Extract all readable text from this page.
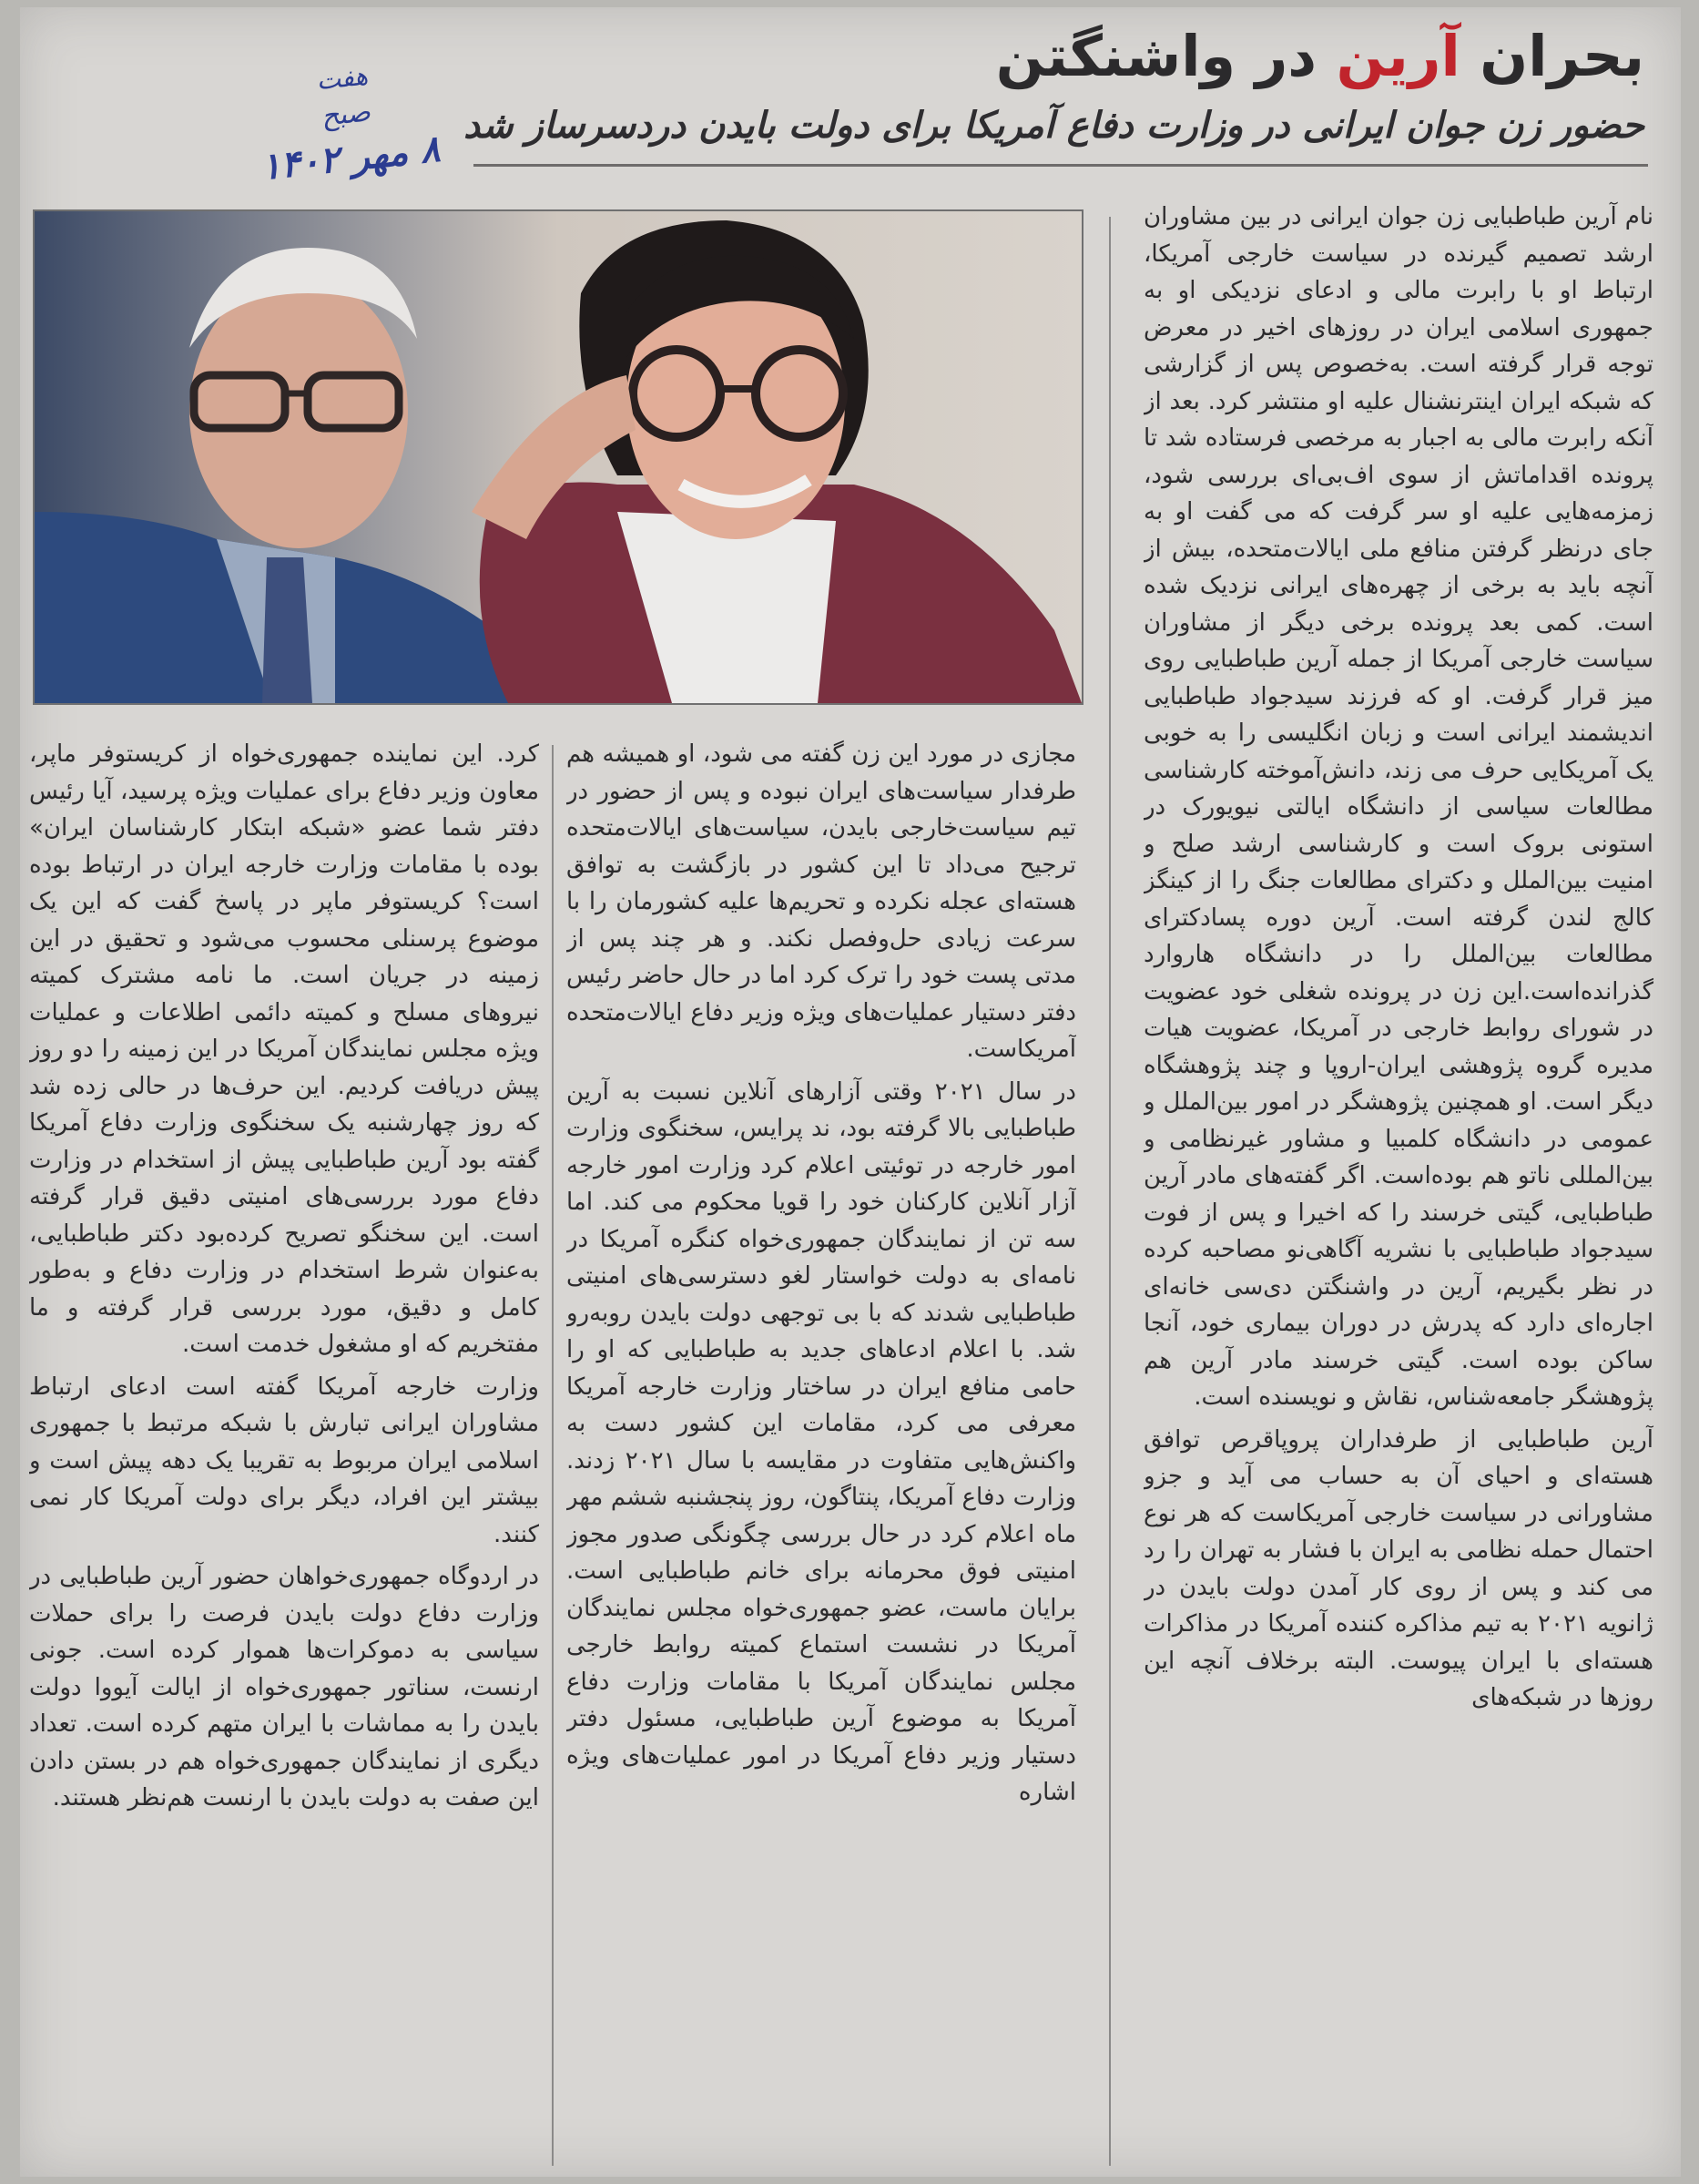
بحران آرین در واشنگتن
حضور زن جوان ایرانی در وزارت دفاع آمریکا برای دولت بایدن دردسرساز شد
هفت
صبح
۸ مهر ۱۴۰۲

نام آرین طباطبایی زن جوان ایرانی در بین مشاوران ارشد تصمیم گیرنده در سیاست خارجی آمریکا، ارتباط او با رابرت مالی و ادعای نزدیکی او به جمهوری اسلامی ایران در روزهای اخیر در معرض توجه قرار گرفته است. به‌خصوص پس از گزارشی که شبکه ایران اینترنشنال علیه او منتشر کرد. بعد از آنکه رابرت مالی به اجبار به مرخصی فرستاده شد تا پرونده اقداماتش از سوی اف‌بی‌ای بررسی شود، زمزمه‌هایی علیه او سر گرفت که می گفت او به جای درنظر گرفتن منافع ملی ایالات‌متحده، بیش از آنچه باید به برخی از چهره‌های ایرانی نزدیک شده است. کمی بعد پرونده برخی دیگر از مشاوران سیاست خارجی آمریکا از جمله آرین طباطبایی روی میز قرار گرفت. او که فرزند سیدجواد طباطبایی اندیشمند ایرانی است و زبان انگلیسی را به خوبی یک آمریکایی حرف می زند، دانش‌آموخته کارشناسی مطالعات سیاسی از دانشگاه ایالتی نیویورک در استونی بروک است و کارشناسی ارشد صلح و امنیت بین‌الملل و دکترای مطالعات جنگ را از کینگز کالج لندن گرفته است. آرین دوره پسادکترای مطالعات بین‌الملل را در دانشگاه هاروارد گذرانده‌است.این زن در پرونده شغلی خود عضویت در شورای روابط خارجی در آمریکا، عضویت هیات مدیره گروه پژوهشی ایران-اروپا و چند پژوهشگاه دیگر است. او همچنین پژوهشگر در امور بین‌الملل و عمومی در دانشگاه کلمبیا و مشاور غیرنظامی و بین‌المللی ناتو هم بوده‌است. اگر گفته‌های مادر آرین طباطبایی، گیتی خرسند را که اخیرا و پس از فوت سیدجواد طباطبایی با نشریه آگاهی‌نو مصاحبه کرده در نظر بگیریم، آرین در واشنگتن دی‌سی خانه‌ای اجاره‌ای دارد که پدرش در دوران بیماری خود، آنجا ساکن بوده است. گیتی خرسند مادر آرین هم پژوهشگر جامعه‌شناس، نقاش و نویسنده است.

آرین طباطبایی از طرفداران پروپاقرص توافق هسته‌ای و احیای آن به حساب می آید و جزو مشاورانی در سیاست خارجی آمریکاست که هر نوع احتمال حمله نظامی به ایران با فشار به تهران را رد می کند و پس از روی کار آمدن دولت بایدن در ژانویه ۲۰۲۱ به تیم مذاکره کننده آمریکا در مذاکرات هسته‌ای با ایران پیوست. البته برخلاف آنچه این روزها در شبکه‌های

مجازی در مورد این زن گفته می شود، او همیشه هم طرفدار سیاست‌های ایران نبوده و پس از حضور در تیم سیاست‌خارجی بایدن، سیاست‌های ایالات‌متحده ترجیح می‌داد تا این کشور در بازگشت به توافق هسته‌ای عجله نکرده و تحریم‌ها علیه کشورمان را با سرعت زیادی حل‌وفصل نکند. و هر چند پس از مدتی پست خود را ترک کرد اما در حال حاضر رئیس دفتر دستیار عملیات‌های ویژه وزیر دفاع ایالات‌متحده آمریکاست.

در سال ۲۰۲۱ وقتی آزارهای آنلاین نسبت به آرین طباطبایی بالا گرفته بود، ند پرایس، سخنگوی وزارت امور خارجه در توئیتی اعلام کرد وزارت امور خارجه آزار آنلاین کارکنان خود را قویا محکوم می کند. اما سه تن از نمایندگان جمهوری‌خواه کنگره آمریکا در نامه‌ای به دولت خواستار لغو دسترسی‌های امنیتی طباطبایی شدند که با بی توجهی دولت بایدن روبه‌رو شد. با اعلام ادعاهای جدید به طباطبایی که او را حامی منافع ایران در ساختار وزارت خارجه آمریکا معرفی می کرد، مقامات این کشور دست به واکنش‌هایی متفاوت در مقایسه با سال ۲۰۲۱ زدند. وزارت دفاع آمریکا، پنتاگون، روز پنجشنبه ششم مهر ماه اعلام کرد در حال بررسی چگونگی صدور مجوز امنیتی فوق محرمانه برای خانم طباطبایی است. برایان ماست، عضو جمهوری‌خواه مجلس نمایندگان آمریکا در نشست استماع کمیته روابط خارجی مجلس نمایندگان آمریکا با مقامات وزارت دفاع آمریکا به موضوع آرین طباطبایی، مسئول دفتر دستیار وزیر دفاع آمریکا در امور عملیات‌های ویژه اشاره

کرد. این نماینده جمهوری‌خواه از کریستوفر ماپر، معاون وزیر دفاع برای عملیات ویژه پرسید، آیا رئیس دفتر شما عضو «شبکه ابتکار کارشناسان ایران» بوده با مقامات وزارت خارجه ایران در ارتباط بوده است؟ کریستوفر ماپر در پاسخ گفت که این یک موضوع پرسنلی محسوب می‌شود و تحقیق در این زمینه در جریان است. ما نامه مشترک کمیته نیروهای مسلح و کمیته دائمی اطلاعات و عملیات ویژه مجلس نمایندگان آمریکا در این زمینه را دو روز پیش دریافت کردیم. این حرف‌ها در حالی زده شد که روز چهارشنبه یک سخنگوی وزارت دفاع آمریکا گفته بود آرین طباطبایی پیش از استخدام در وزارت دفاع مورد بررسی‌های امنیتی دقیق قرار گرفته است. این سخنگو تصریح کرده‌بود دکتر طباطبایی، به‌عنوان شرط استخدام در وزارت دفاع و به‌طور کامل و دقیق، مورد بررسی قرار گرفته و ما مفتخریم که او مشغول خدمت است.

وزارت خارجه آمریکا گفته است ادعای ارتباط مشاوران ایرانی تبارش با شبکه مرتبط با جمهوری اسلامی ایران مربوط به تقریبا یک دهه پیش است و بیشتر این افراد، دیگر برای دولت آمریکا کار نمی کنند.

در اردوگاه جمهوری‌خواهان حضور آرین طباطبایی در وزارت دفاع دولت بایدن فرصت را برای حملات سیاسی به دموکرات‌ها هموار کرده است. جونی ارنست، سناتور جمهوری‌خواه از ایالت آیووا دولت بایدن را به مماشات با ایران متهم کرده است. تعداد دیگری از نمایندگان جمهوری‌خواه هم در بستن دادن این صفت به دولت بایدن با ارنست هم‌نظر هستند.
